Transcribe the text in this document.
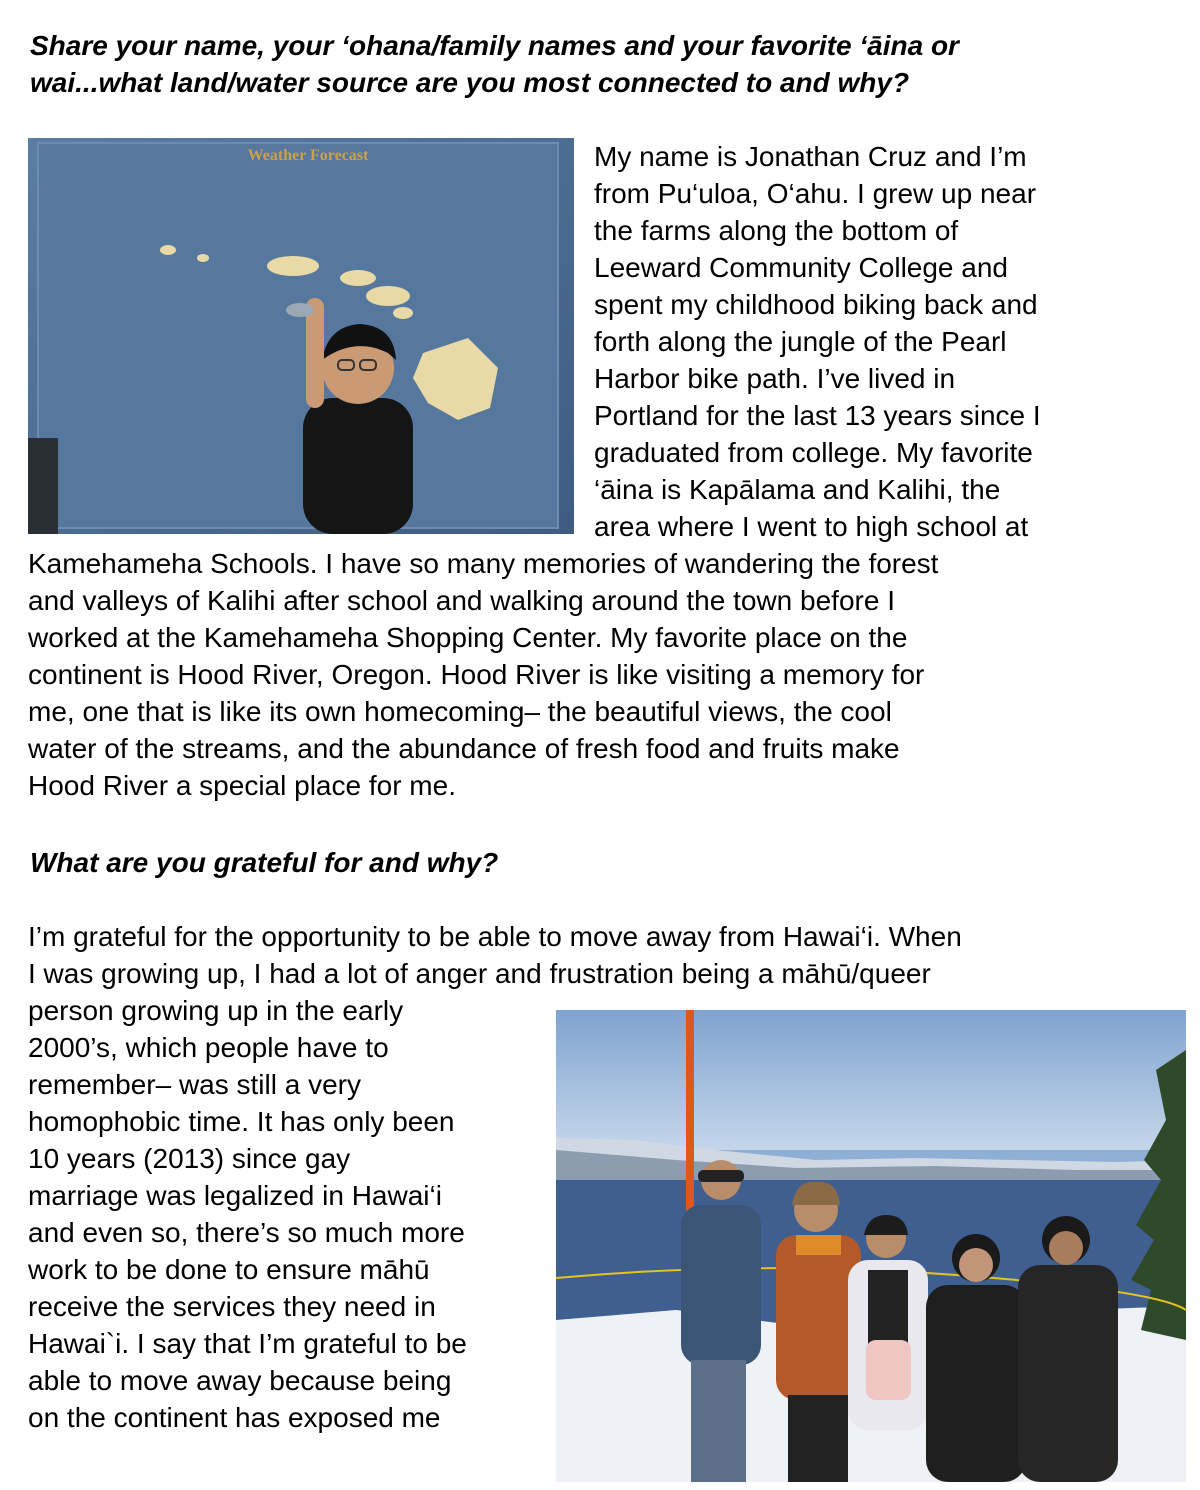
Share your name, your ‘ohana/family names and your favorite ‘āina or
wai...what land/water source are you most connected to and why?
Weather Forecast	My name is Jonathan Cruz and I’m
from Pu‘uloa, O‘ahu. I grew up near
the farms along the bottom of
Leeward Community College and
spent my childhood biking back and
forth along the jungle of the Pearl
Harbor bike path. I’ve lived in
Portland for the last 13 years since I
graduated from college. My favorite
‘āina is Kapālama and Kalihi, the
area where I went to high school at
Kamehameha Schools. I have so many memories of wandering the forest
and valleys of Kalihi after school and walking around the town before I
worked at the Kamehameha Shopping Center. My favorite place on the
continent is Hood River, Oregon. Hood River is like visiting a memory for
me, one that is like its own homecoming– the beautiful views, the cool
water of the streams, and the abundance of fresh food and fruits make
Hood River a special place for me.
What are you grateful for and why?
I’m grateful for the opportunity to be able to move away from Hawai‘i. When
I was growing up, I had a lot of anger and frustration being a māhū/queer
person growing up in the early
2000’s, which people have to
remember– was still a very
homophobic time. It has only been
10 years (2013) since gay
marriage was legalized in Hawai‘i
and even so, there’s so much more
work to be done to ensure māhū
receive the services they need in
Hawai`i. I say that I’m grateful to be
able to move away because being
on the continent has exposed me
